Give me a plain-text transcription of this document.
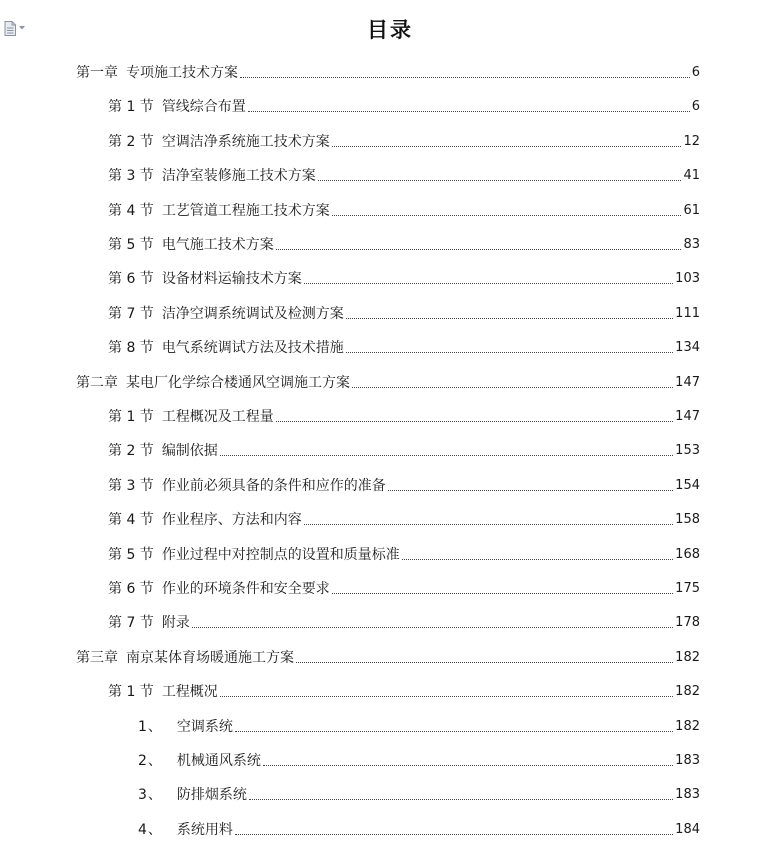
目录
第一章 专项施工技术方案	6
第 1 节 管线综合布置	6
第 2 节 空调洁净系统施工技术方案	12
第 3 节 洁净室装修施工技术方案	41
第 4 节 工艺管道工程施工技术方案	61
第 5 节 电气施工技术方案	83
第 6 节 设备材料运输技术方案	103
第 7 节 洁净空调系统调试及检测方案	111
第 8 节 电气系统调试方法及技术措施	134
第二章 某电厂化学综合楼通风空调施工方案	147
第 1 节 工程概况及工程量	147
第 2 节 编制依据	153
第 3 节 作业前必须具备的条件和应作的准备	154
第 4 节 作业程序、方法和内容	158
第 5 节 作业过程中对控制点的设置和质量标准	168
第 6 节 作业的环境条件和安全要求	175
第 7 节 附录	178
第三章 南京某体育场暖通施工方案	182
第 1 节 工程概况	182
1、 空调系统	182
2、 机械通风系统	183
3、 防排烟系统	183
4、 系统用料	184
